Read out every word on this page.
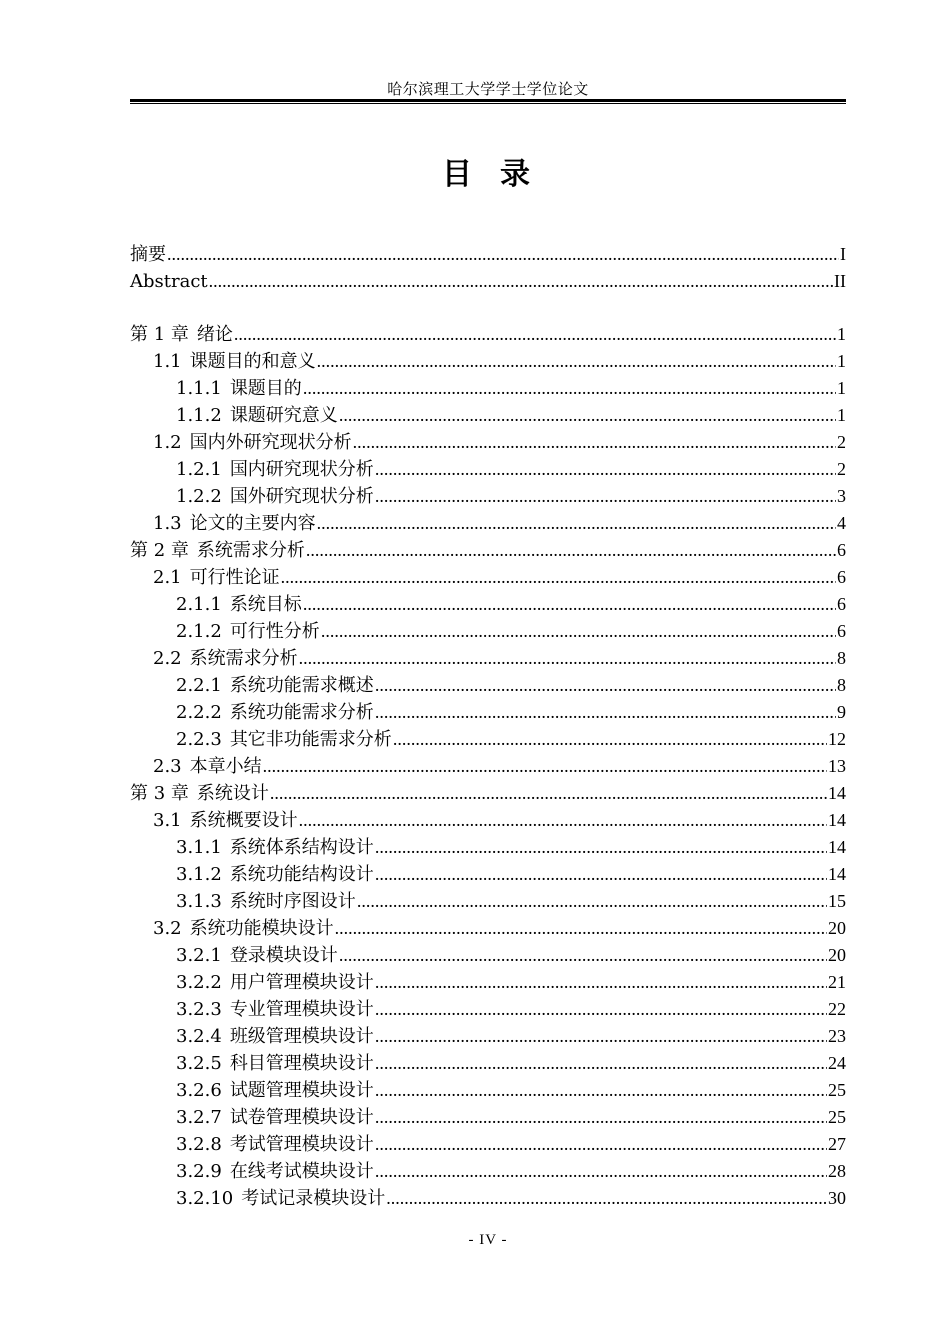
哈尔滨理工大学学士学位论文
目 录
摘要 .....	I
Abstract .....	II
第 1 章 绪论 .....	1
1.1 课题目的和意义 .....	1
1.1.1 课题目的 .....	1
1.1.2 课题研究意义 .....	1
1.2 国内外研究现状分析 .....	2
1.2.1 国内研究现状分析 .....	2
1.2.2 国外研究现状分析 .....	3
1.3 论文的主要内容 .....	4
第 2 章 系统需求分析 .....	6
2.1 可行性论证 .....	6
2.1.1 系统目标 .....	6
2.1.2 可行性分析 .....	6
2.2 系统需求分析 .....	8
2.2.1 系统功能需求概述 .....	8
2.2.2 系统功能需求分析 .....	9
2.2.3 其它非功能需求分析 .....	12
2.3 本章小结 .....	13
第 3 章 系统设计 .....	14
3.1 系统概要设计 .....	14
3.1.1 系统体系结构设计 .....	14
3.1.2 系统功能结构设计 .....	14
3.1.3 系统时序图设计 .....	15
3.2 系统功能模块设计 .....	20
3.2.1 登录模块设计 .....	20
3.2.2 用户管理模块设计 .....	21
3.2.3 专业管理模块设计 .....	22
3.2.4 班级管理模块设计 .....	23
3.2.5 科目管理模块设计 .....	24
3.2.6 试题管理模块设计 .....	25
3.2.7 试卷管理模块设计 .....	25
3.2.8 考试管理模块设计 .....	27
3.2.9 在线考试模块设计 .....	28
3.2.10 考试记录模块设计 .....	30
- IV -
